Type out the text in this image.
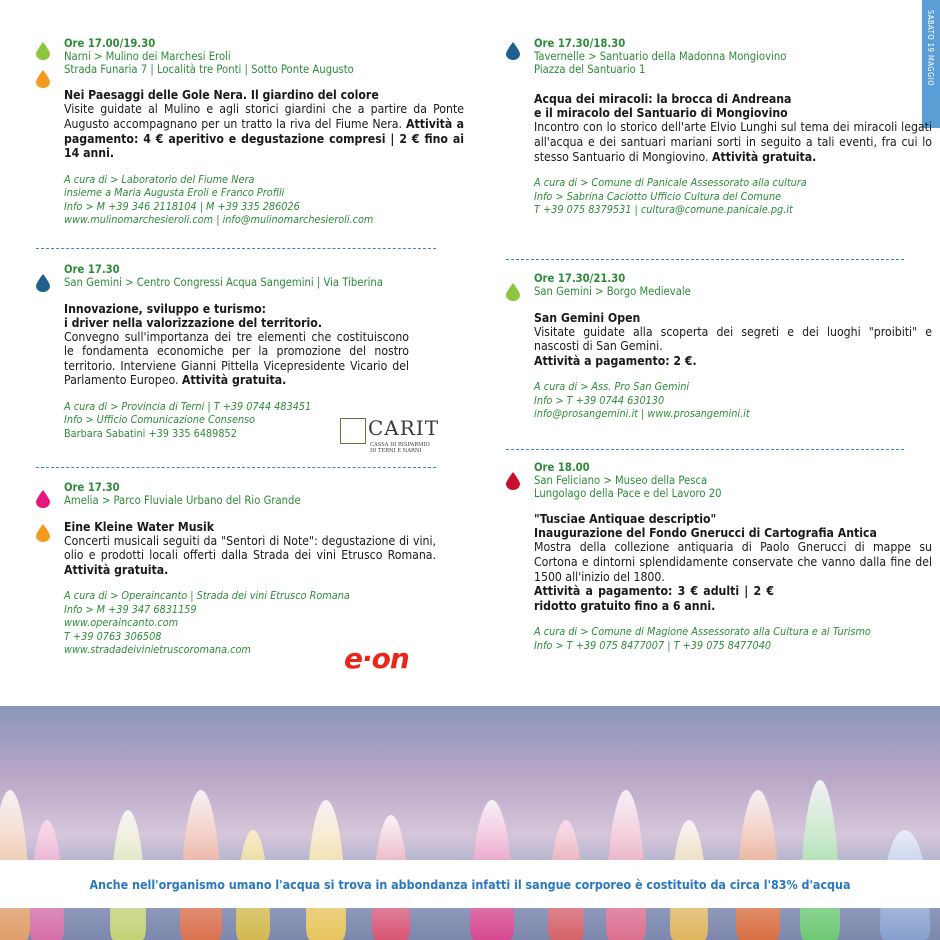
SABATO 19 MAGGIO
Ore 17.00/19.30
Narni > Mulino dei Marchesi Eroli
Strada Funaria 7 | Località tre Ponti | Sotto Ponte Augusto
Nei Paesaggi delle Gole Nera. Il giardino del colore
Visite guidate al Mulino e agli storici giardini che a partire da Ponte Augusto accompagnano per un tratto la riva del Fiume Nera. Attività a pagamento: 4 € aperitivo e degustazione compresi | 2 € fino ai 14 anni.
A cura di > Laboratorio del Fiume Nera
insieme a Maria Augusta Eroli e Franco Profili
Info > M +39 346 2118104 | M +39 335 286026
www.mulinomarchesieroli.com | info@mulinomarchesieroli.com
Ore 17.30
San Gemini > Centro Congressi Acqua Sangemini | Via Tiberina
Innovazione, sviluppo e turismo:
i driver nella valorizzazione del territorio.
Convegno sull'importanza dei tre elementi che costituiscono le fondamenta economiche per la promozione del nostro territorio. Interviene Gianni Pittella Vicepresidente Vicario del Parlamento Europeo. Attività gratuita.
A cura di > Provincia di Terni | T +39 0744 483451
Info > Ufficio Comunicazione Consenso
Barbara Sabatini +39 335 6489852
Ore 17.30
Amelia > Parco Fluviale Urbano del Rio Grande
Eine Kleine Water Musik
Concerti musicali seguiti da "Sentori di Note": degustazione di vini, olio e prodotti locali offerti dalla Strada dei vini Etrusco Romana. Attività gratuita.
A cura di > Operaincanto | Strada dei vini Etrusco Romana
Info > M +39 347 6831159
www.operaincanto.com
T +39 0763 306508
www.stradadeivinietruscoromana.com
CARIT
CASSA DI RISPARMIO DI TERNI E NARNI
e·on
Ore 17.30/18.30
Tavernelle > Santuario della Madonna Mongiovino
Piazza del Santuario 1
Acqua dei miracoli: la brocca di Andreana
e il miracolo del Santuario di Mongiovino
Incontro con lo storico dell'arte Elvio Lunghi sul tema dei miracoli legati all'acqua e dei santuari mariani sorti in seguito a tali eventi, fra cui lo stesso Santuario di Mongiovino. Attività gratuita.
A cura di > Comune di Panicale Assessorato alla cultura
Info > Sabrina Caciotto Ufficio Cultura del Comune
T +39 075 8379531 | cultura@comune.panicale.pg.it
Ore 17.30/21.30
San Gemini > Borgo Medievale
San Gemini Open
Visitate guidate alla scoperta dei segreti e dei luoghi "proibiti" e nascosti di San Gemini.
Attività a pagamento: 2 €.
A cura di > Ass. Pro San Gemini
Info > T +39 0744 630130
info@prosangemini.it | www.prosangemini.it
Ore 18.00
San Feliciano > Museo della Pesca
Lungolago della Pace e del Lavoro 20
"Tusciae Antiquae descriptio"
Inaugurazione del Fondo Gnerucci di Cartografia Antica
Mostra della collezione antiquaria di Paolo Gnerucci di mappe su Cortona e dintorni splendidamente conservate che vanno dalla fine del 1500 all'inizio del 1800.
Attività a pagamento: 3 € adulti | 2 € ridotto gratuito fino a 6 anni.
A cura di > Comune di Magione Assessorato alla Cultura e al Turismo
Info > T +39 075 8477007 | T +39 075 8477040
Anche nell'organismo umano l'acqua si trova in abbondanza infatti il sangue corporeo è costituito da circa l'83% d'acqua
